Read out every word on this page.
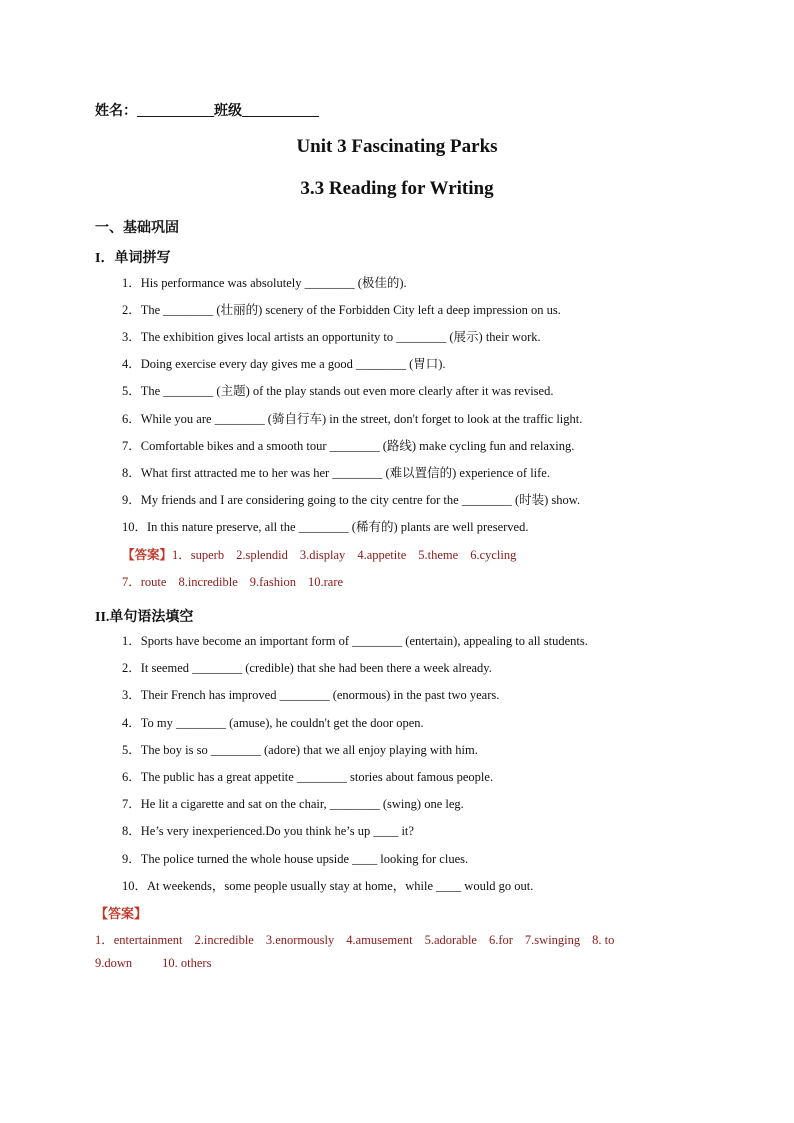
姓名：___________班级___________
Unit 3 Fascinating Parks
3.3 Reading for Writing
一、基础巩固
I．单词拼写
1．His performance was absolutely ________ (极佳的).
2．The ________ (壮丽的) scenery of the Forbidden City left a deep impression on us.
3．The exhibition gives local artists an opportunity to ________ (展示) their work.
4．Doing exercise every day gives me a good ________ (胃口).
5．The ________ (主题) of the play stands out even more clearly after it was revised.
6．While you are ________ (骑自行车) in the street, don't forget to look at the traffic light.
7．Comfortable bikes and a smooth tour ________ (路线) make cycling fun and relaxing.
8．What first attracted me to her was her ________ (难以置信的) experience of life.
9．My friends and I are considering going to the city centre for the ________ (时装) show.
10．In this nature preserve, all the ________ (稀有的) plants are well preserved.
【答案】1．superb 2.splendid 3.display 4.appetite 5.theme 6.cycling
7．route 8.incredible 9.fashion 10.rare
II.单句语法填空
1．Sports have become an important form of ________ (entertain), appealing to all students.
2．It seemed ________ (credible) that she had been there a week already.
3．Their French has improved ________ (enormous) in the past two years.
4．To my ________ (amuse), he couldn't get the door open.
5．The boy is so ________ (adore) that we all enjoy playing with him.
6．The public has a great appetite ________ stories about famous people.
7．He lit a cigarette and sat on the chair, ________ (swing) one leg.
8．He’s very inexperienced.Do you think he’s up ____ it?
9．The police turned the whole house upside ____ looking for clues.
10．At weekends，some people usually stay at home，while ____ would go out.
【答案】
1．entertainment 2.incredible 3.enormously 4.amusement 5.adorable 6.for 7.swinging 8. to
9.down 10. others
